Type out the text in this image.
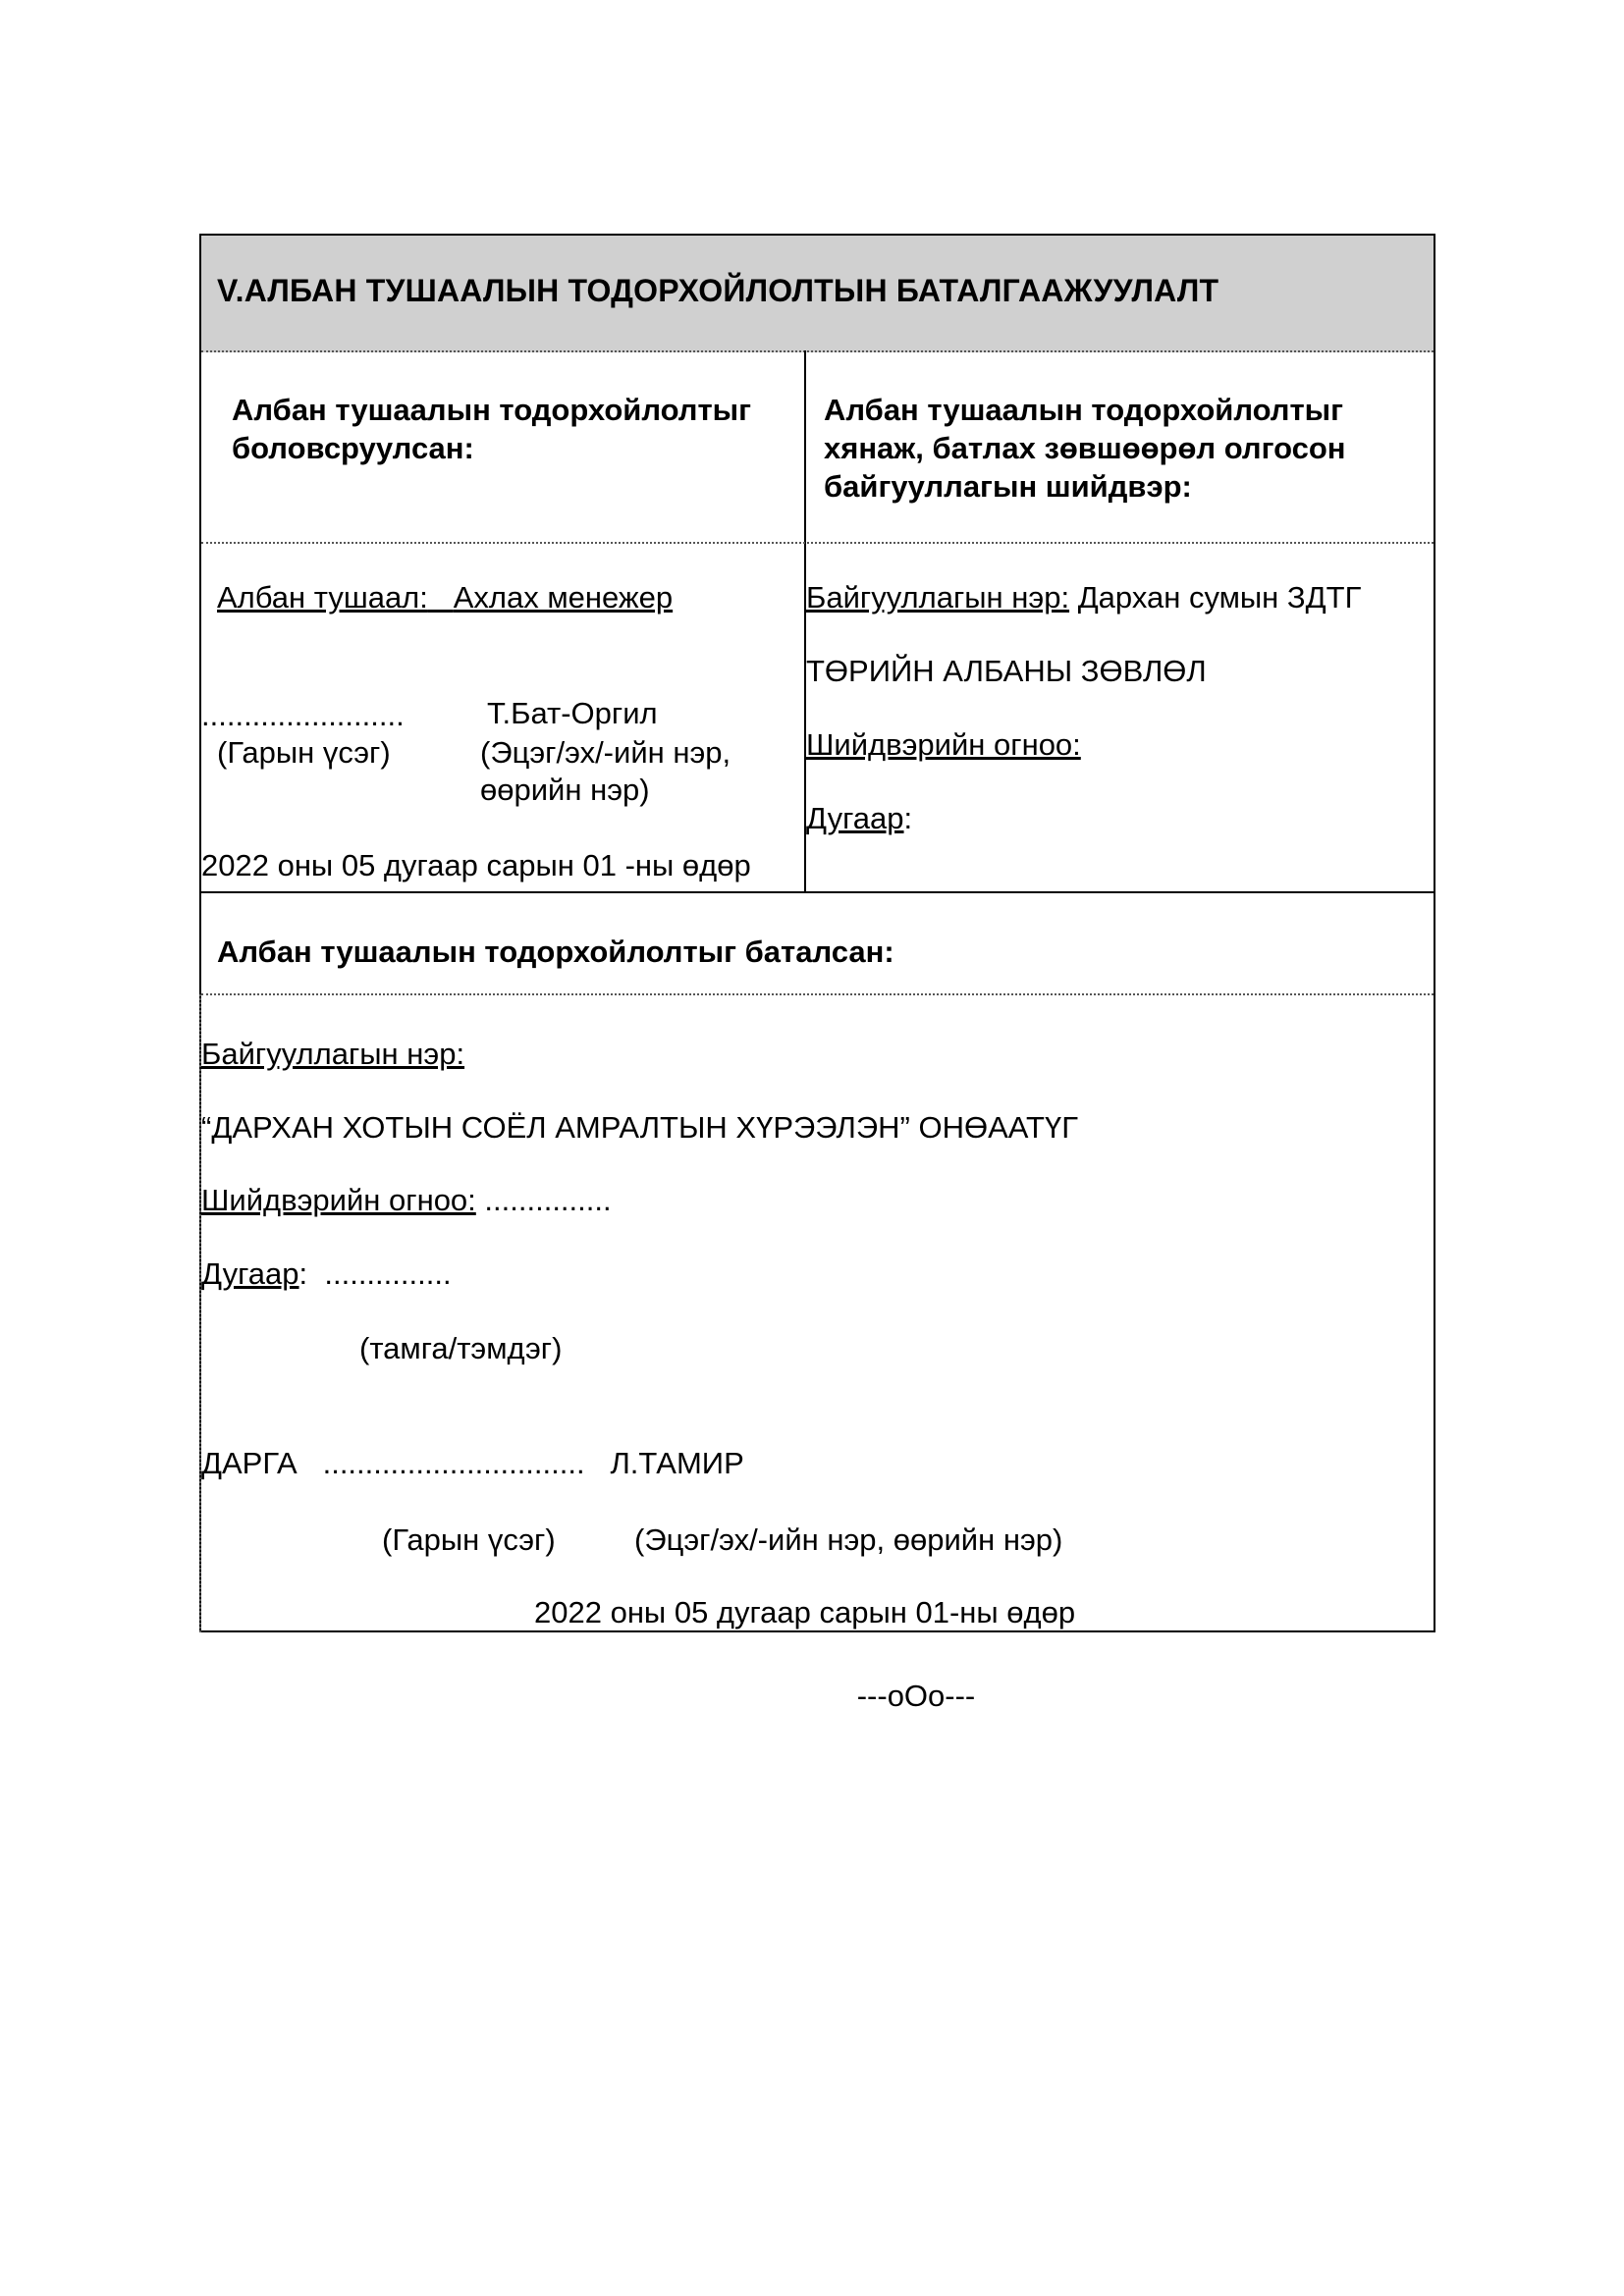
V.АЛБАН ТУШААЛЫН ТОДОРХОЙЛОЛТЫН БАТАЛГААЖУУЛАЛТ
Албан тушаалын тодорхойлолтыг
боловсруулсан:
Албан тушаалын тодорхойлолтыг
хянаж, батлах зөвшөөрөл олгосон
байгууллагын шийдвэр:
Албан тушаал: Ахлах менежер
........................
(Гарын үсэг)
Т.Бат-Оргил
(Эцэг/эх/-ийн нэр,
өөрийн нэр)
2022 оны 05 дугаар сарын 01 -ны өдөр
Байгууллагын нэр: Дархан сумын ЗДТГ
ТӨРИЙН АЛБАНЫ ЗӨВЛӨЛ
Шийдвэрийн огноо:
Дугаар:
Албан тушаалын тодорхойлолтыг баталсан:
Байгууллагын нэр:
“ДАРХАН ХОТЫН СОЁЛ АМРАЛТЫН ХҮРЭЭЛЭН” ОНӨААТҮГ
Шийдвэрийн огноо: ...............
Дугаар:  ...............
(тамга/тэмдэг)
ДАРГА ............................... Л.ТАМИР
(Гарын үсэг)	(Эцэг/эх/-ийн нэр, өөрийн нэр)
2022 оны 05 дугаар сарын 01-ны өдөр
---oOo---
